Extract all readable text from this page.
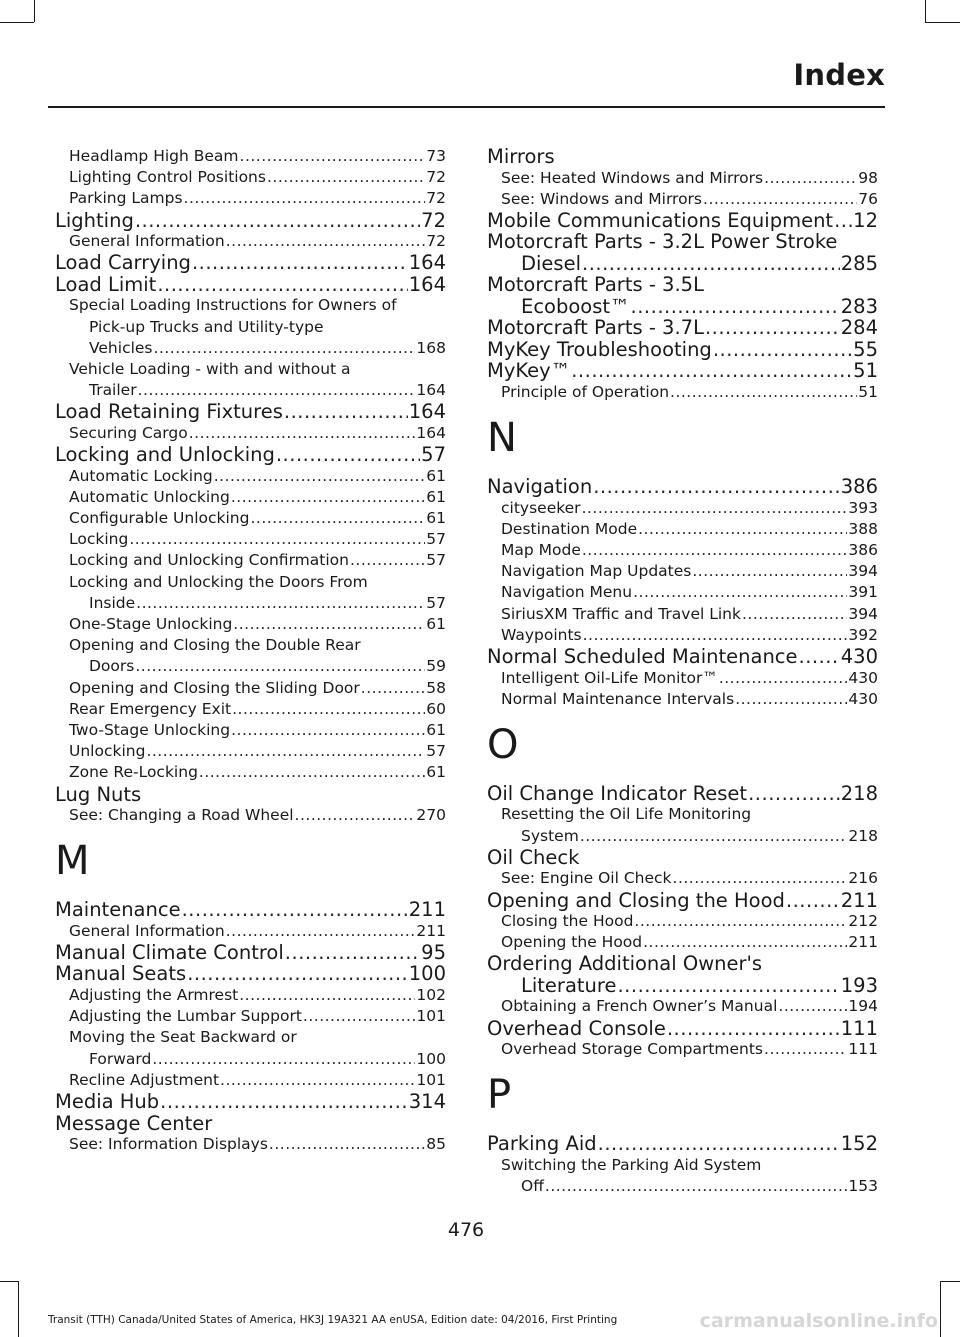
Index
Headlamp High Beam .....	73
Lighting Control Positions .....	72
Parking Lamps .....	72
Lighting .....	72
General Information .....	72
Load Carrying .....	164
Load Limit .....	164
Special Loading Instructions for Owners of
Pick-up Trucks and Utility-type
Vehicles .....	168
Vehicle Loading - with and without a
Trailer .....	164
Load Retaining Fixtures .....	164
Securing Cargo .....	164
Locking and Unlocking .....	57
Automatic Locking .....	61
Automatic Unlocking .....	61
Configurable Unlocking .....	61
Locking .....	57
Locking and Unlocking Confirmation .....	57
Locking and Unlocking the Doors From
Inside .....	57
One-Stage Unlocking .....	61
Opening and Closing the Double Rear
Doors .....	59
Opening and Closing the Sliding Door .....	58
Rear Emergency Exit .....	60
Two-Stage Unlocking .....	61
Unlocking .....	57
Zone Re-Locking .....	61
Lug Nuts
See: Changing a Road Wheel .....	270
M
Maintenance .....	211
General Information .....	211
Manual Climate Control .....	95
Manual Seats .....	100
Adjusting the Armrest .....	102
Adjusting the Lumbar Support .....	101
Moving the Seat Backward or
Forward .....	100
Recline Adjustment .....	101
Media Hub .....	314
Message Center
See: Information Displays .....	85
Mirrors
See: Heated Windows and Mirrors .....	98
See: Windows and Mirrors .....	76
Mobile Communications Equipment ..... 12
Motorcraft Parts - 3.2L Power Stroke
Diesel .....	285
Motorcraft Parts - 3.5L
Ecoboost™ .....	283
Motorcraft Parts - 3.7L .....	284
MyKey Troubleshooting .....	55
MyKey™ .....	51
Principle of Operation .....	51
N
Navigation .....	386
cityseeker .....	393
Destination Mode .....	388
Map Mode .....	386
Navigation Map Updates .....	394
Navigation Menu .....	391
SiriusXM Traffic and Travel Link .....	394
Waypoints .....	392
Normal Scheduled Maintenance ..... 430
Intelligent Oil-Life Monitor™ .....	430
Normal Maintenance Intervals .....	430
O
Oil Change Indicator Reset .....	218
Resetting the Oil Life Monitoring
System .....	218
Oil Check
See: Engine Oil Check .....	216
Opening and Closing the Hood .....	211
Closing the Hood .....	212
Opening the Hood .....	211
Ordering Additional Owner's
Literature .....	193
Obtaining a French Owner’s Manual .....	194
Overhead Console .....	111
Overhead Storage Compartments .....	111
P
Parking Aid .....	152
Switching the Parking Aid System
Off .....	153
476
Transit (TTH) Canada/United States of America, HK3J 19A321 AA enUSA, Edition date: 04/2016, First Printing	carmanualsonline.info
